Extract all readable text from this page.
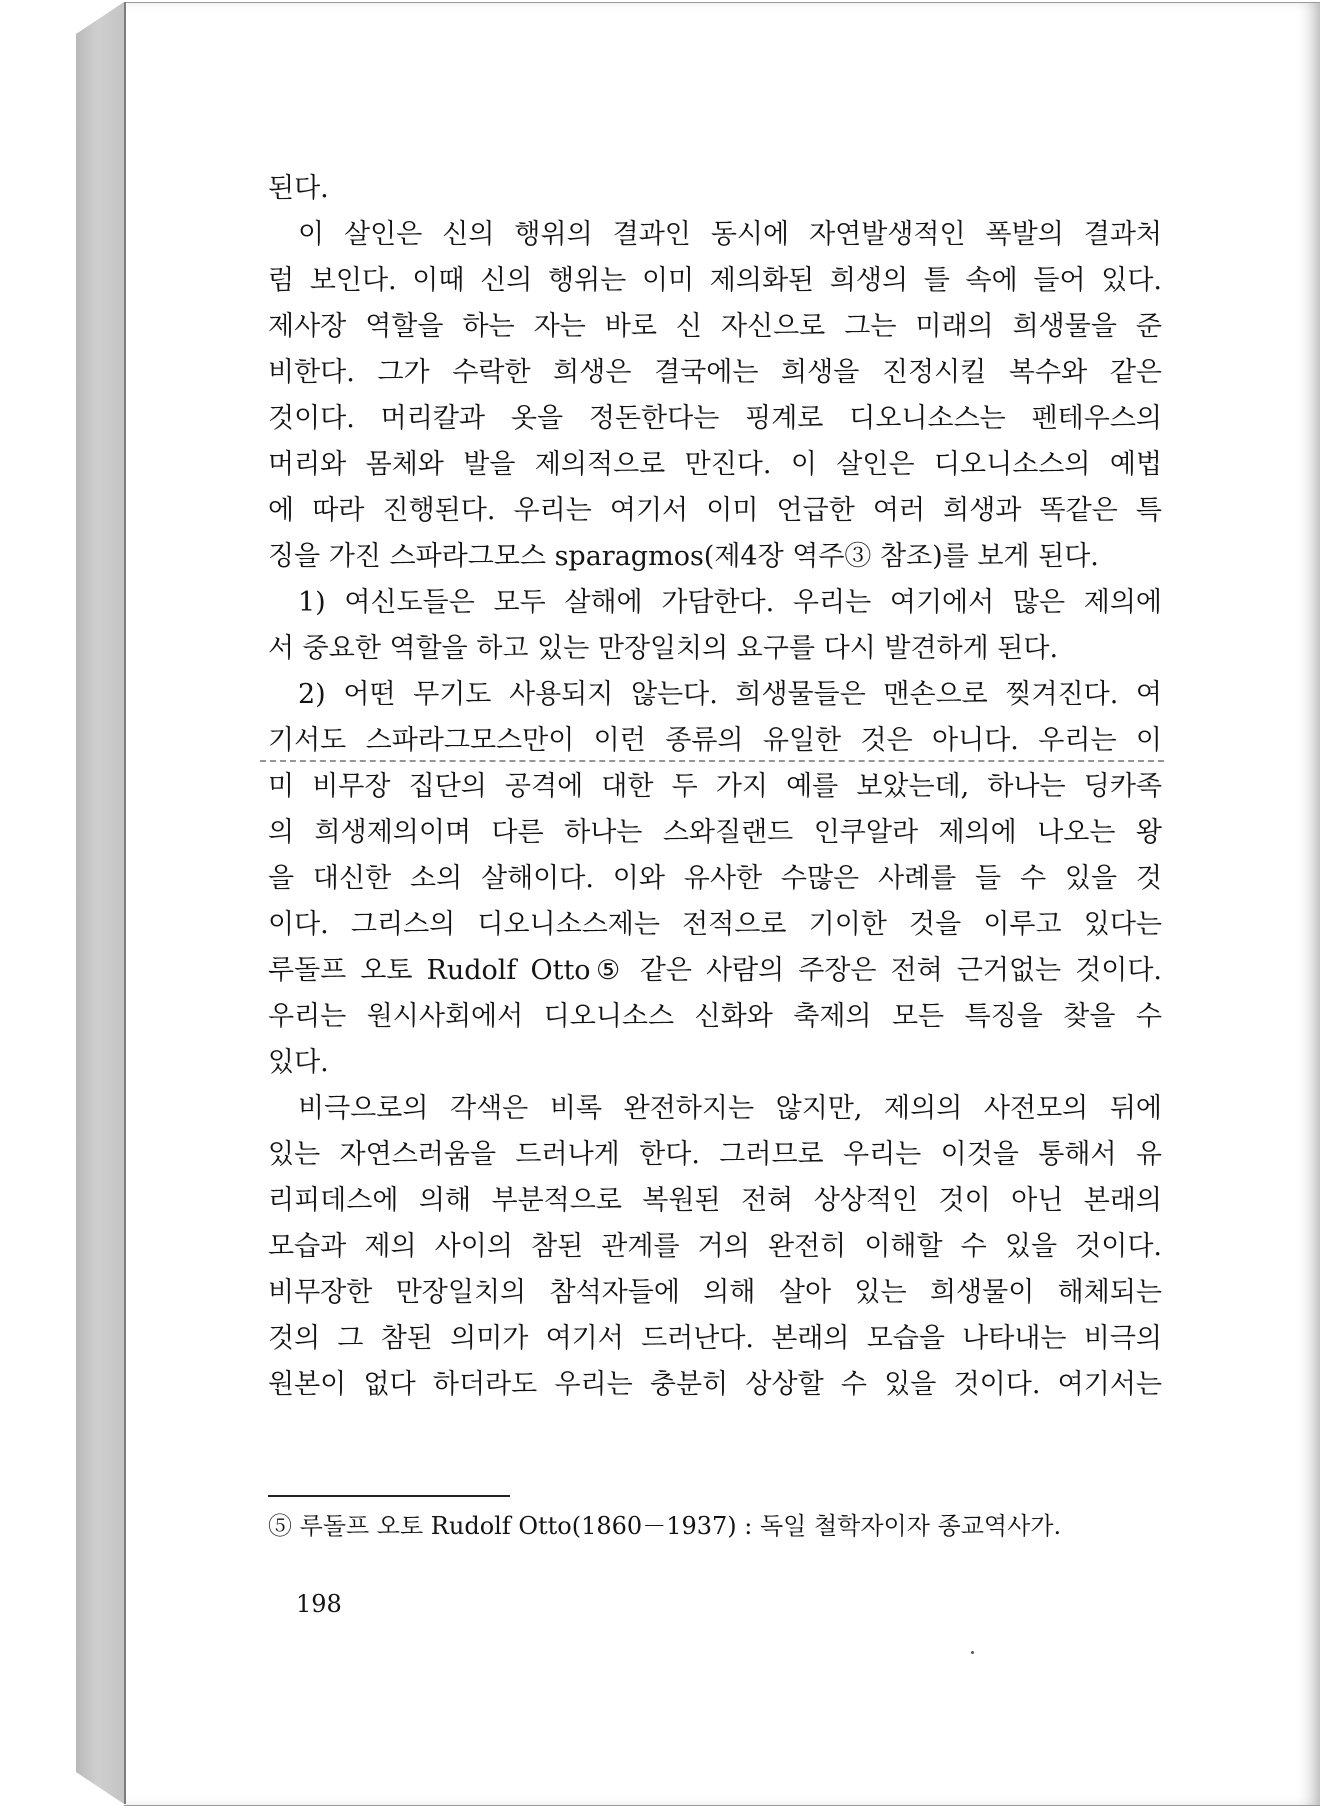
된다.
이 살인은 신의 행위의 결과인 동시에 자연발생적인 폭발의 결과처
럼 보인다. 이때 신의 행위는 이미 제의화된 희생의 틀 속에 들어 있다.
제사장 역할을 하는 자는 바로 신 자신으로 그는 미래의 희생물을 준
비한다. 그가 수락한 희생은 결국에는 희생을 진정시킬 복수와 같은
것이다. 머리칼과 옷을 정돈한다는 핑계로 디오니소스는 펜테우스의
머리와 몸체와 발을 제의적으로 만진다. 이 살인은 디오니소스의 예법
에 따라 진행된다. 우리는 여기서 이미 언급한 여러 희생과 똑같은 특
징을 가진 스파라그모스 sparagmos(제4장 역주③ 참조)를 보게 된다.
1) 여신도들은 모두 살해에 가담한다. 우리는 여기에서 많은 제의에
서 중요한 역할을 하고 있는 만장일치의 요구를 다시 발견하게 된다.
2) 어떤 무기도 사용되지 않는다. 희생물들은 맨손으로 찢겨진다. 여
기서도 스파라그모스만이 이런 종류의 유일한 것은 아니다. 우리는 이
미 비무장 집단의 공격에 대한 두 가지 예를 보았는데, 하나는 딩카족
의 희생제의이며 다른 하나는 스와질랜드 인쿠알라 제의에 나오는 왕
을 대신한 소의 살해이다. 이와 유사한 수많은 사례를 들 수 있을 것
이다. 그리스의 디오니소스제는 전적으로 기이한 것을 이루고 있다는
루돌프 오토 Rudolf Otto⑤ 같은 사람의 주장은 전혀 근거없는 것이다.
우리는 원시사회에서 디오니소스 신화와 축제의 모든 특징을 찾을 수
있다.
비극으로의 각색은 비록 완전하지는 않지만, 제의의 사전모의 뒤에
있는 자연스러움을 드러나게 한다. 그러므로 우리는 이것을 통해서 유
리피데스에 의해 부분적으로 복원된 전혀 상상적인 것이 아닌 본래의
모습과 제의 사이의 참된 관계를 거의 완전히 이해할 수 있을 것이다.
비무장한 만장일치의 참석자들에 의해 살아 있는 희생물이 해체되는
것의 그 참된 의미가 여기서 드러난다. 본래의 모습을 나타내는 비극의
원본이 없다 하더라도 우리는 충분히 상상할 수 있을 것이다. 여기서는
⑤ 루돌프 오토 Rudolf Otto(1860－1937) : 독일 철학자이자 종교역사가.
198
